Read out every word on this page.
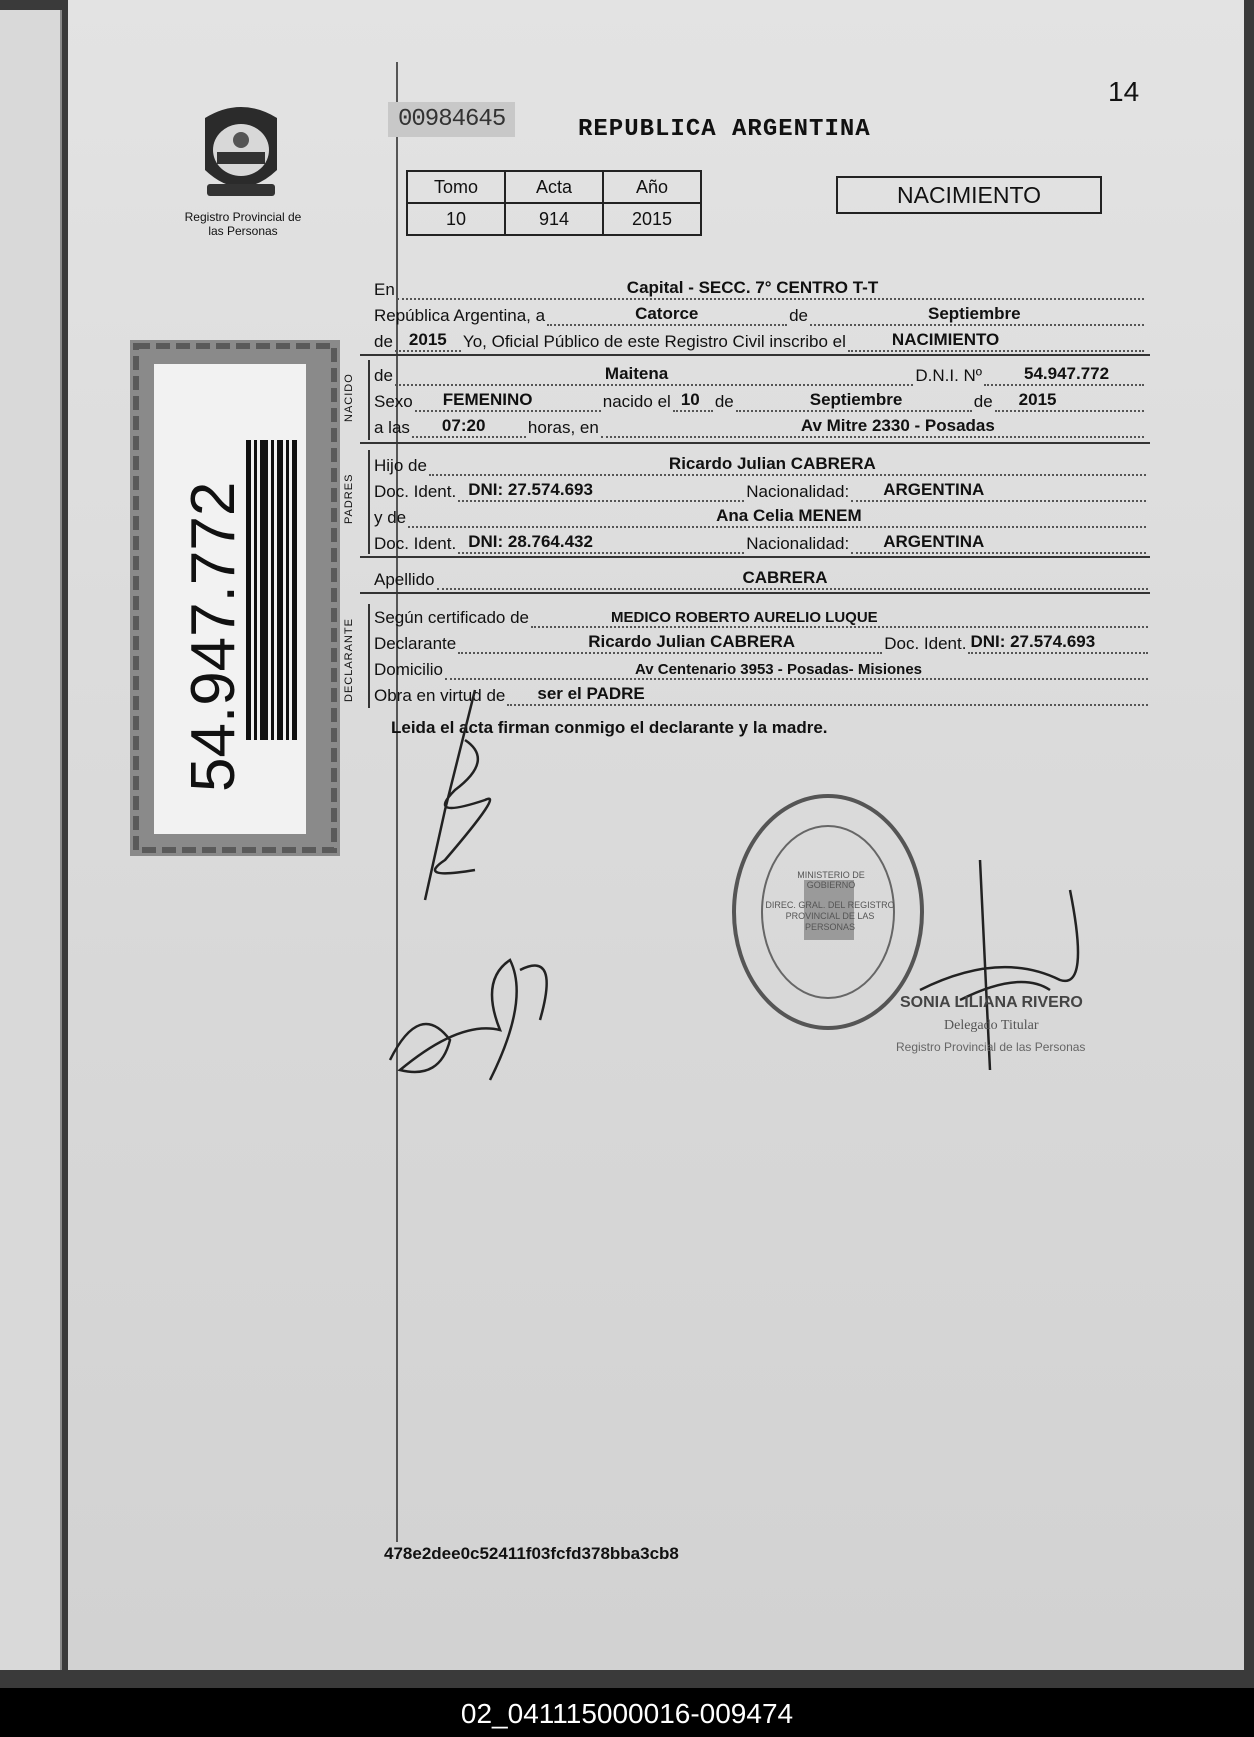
14
Registro Provincial de las Personas
00984645	REPUBLICA ARGENTINA
Tomo	Acta	Año
10	914	2015
NACIMIENTO
En	Capital - SECC. 7° CENTRO T-T
República Argentina, a	Catorce	de	Septiembre
de 2015 Yo, Oficial Público de este Registro Civil inscribo el	NACIMIENTO
NACIDO de	Maitena	D.N.I. Nº 54.947.772
Sexo FEMENINO	nacido el 10 de	Septiembre	de 2015
a las 07:20	horas, en	Av Mitre 2330 - Posadas
PADRES
Hijo de	Ricardo Julian CABRERA
Doc. Ident. DNI: 27.574.693	Nacionalidad: ARGENTINA
y de	Ana Celia MENEM
Doc. Ident. DNI: 28.764.432	Nacionalidad: ARGENTINA
Apellido	CABRERA
DECLARANTE
Según certificado de	MEDICO ROBERTO AURELIO LUQUE
Declarante	Ricardo Julian CABRERA	Doc. Ident. DNI: 27.574.693
Domicilio	Av Centenario 3953 - Posadas- Misiones
Obra en virtud de ser el PADRE
Leida el acta firman conmigo el declarante y la madre.
54.947.772
DIREC. GRAL. DEL REGISTRO PROVINCIAL DE LAS PERSONAS
MINISTERIO DE GOBIERNO
SONIA LILIANA RIVERO
Delegado Titular
Registro Provincial de las Personas
478e2dee0c52411f03fcfd378bba3cb8
02_041115000016-009474
